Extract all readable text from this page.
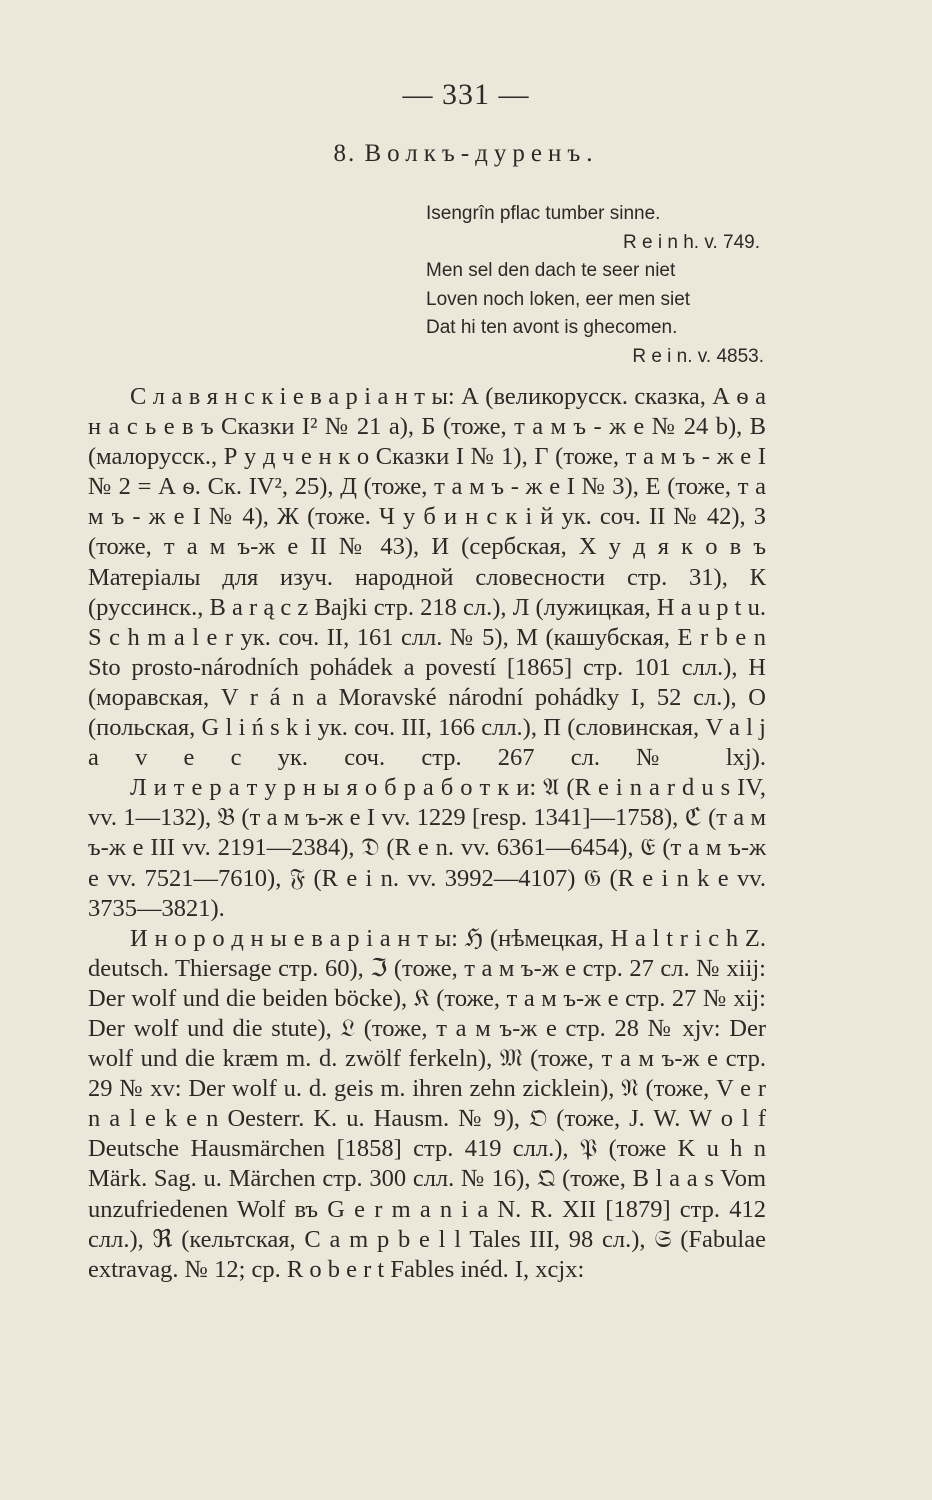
— 331 —
8. Волкъ-дуренъ.
Isengrîn pflac tumber sinne.
R e i n h. v. 749.
Men sel den dach te seer niet
Loven noch loken, eer men siet
Dat hi ten avont is ghecomen.
R e i n. v. 4853.

С л а в я н с к і е в а р і а н т ы: А (великорусск. сказка, А ѳ а н а с ь е в ъ Сказки I² № 21 a), Б (тоже, т а м ъ - ж е № 24 b), В (малорусск., Р у д ч е н к о Сказки I № 1), Г (тоже, т а м ъ - ж е I № 2 = А ѳ. Ск. IV², 25), Д (тоже, т а м ъ - ж е I № 3), Е (тоже, т а м ъ - ж е I № 4), Ж (тоже. Ч у б и н с к і й ук. соч. II № 42), З (тоже, т а м ъ-ж е II № 43), И (сербская, Х у д я к о в ъ Матеріалы для изуч. народной словесности стр. 31), К (руссинск., B a r ą c z Bajki стр. 218 сл.), Л (лужицкая, H a u p t u. S c h m a l e r ук. соч. II, 161 слл. № 5), М (кашубская, E r b e n Sto prosto-národních pohádek a povestí [1865] стр. 101 слл.), Н (моравская, V r á n a Moravské národní pohádky I, 52 сл.), О (польская, G l i ń s k i ук. соч. III, 166 слл.), П (словинская, V a l j a v e c ук. соч. стр. 267 сл. № lxj).

Л и т е р а т у р н ы я о б р а б о т к и: 𝔄 (R e i n a r d u s IV, vv. 1—132), 𝔅 (т а м ъ-ж е I vv. 1229 [resp. 1341]—1758), ℭ (т а м ъ-ж е III vv. 2191—2384), 𝔇 (R e n. vv. 6361—6454), 𝔈 (т а м ъ-ж е vv. 7521—7610), 𝔉 (R e i n. vv. 3992—4107) 𝔊 (R e i n k e vv. 3735—3821).

И н о р о д н ы е в а р і а н т ы: ℌ (нѣмецкая, H a l t r i c h Z. deutsch. Thiersage стр. 60), ℑ (тоже, т а м ъ-ж е стр. 27 сл. № xiij: Der wolf und die beiden böcke), 𝔎 (тоже, т а м ъ-ж е стр. 27 № xij: Der wolf und die stute), 𝔏 (тоже, т а м ъ-ж е стр. 28 № xjv: Der wolf und die kræm m. d. zwölf ferkeln), 𝔐 (тоже, т а м ъ-ж е стр. 29 № xv: Der wolf u. d. geis m. ihren zehn zicklein), 𝔑 (тоже, V e r n a l e k e n Oesterr. K. u. Hausm. № 9), 𝔒 (тоже, J. W. W o l f Deutsche Hausmärchen [1858] стр. 419 слл.), 𝔓 (тоже K u h n Märk. Sag. u. Märchen стр. 300 слл. № 16), 𝔔 (тоже, B l a a s Vom unzufriedenen Wolf въ G e r m a n i a N. R. XII [1879] стр. 412 слл.), ℜ (кельтская, C a m p b e l l Tales III, 98 сл.), 𝔖 (Fabulae extravag. № 12; ср. R o b e r t Fables inéd. I, xcjx:
